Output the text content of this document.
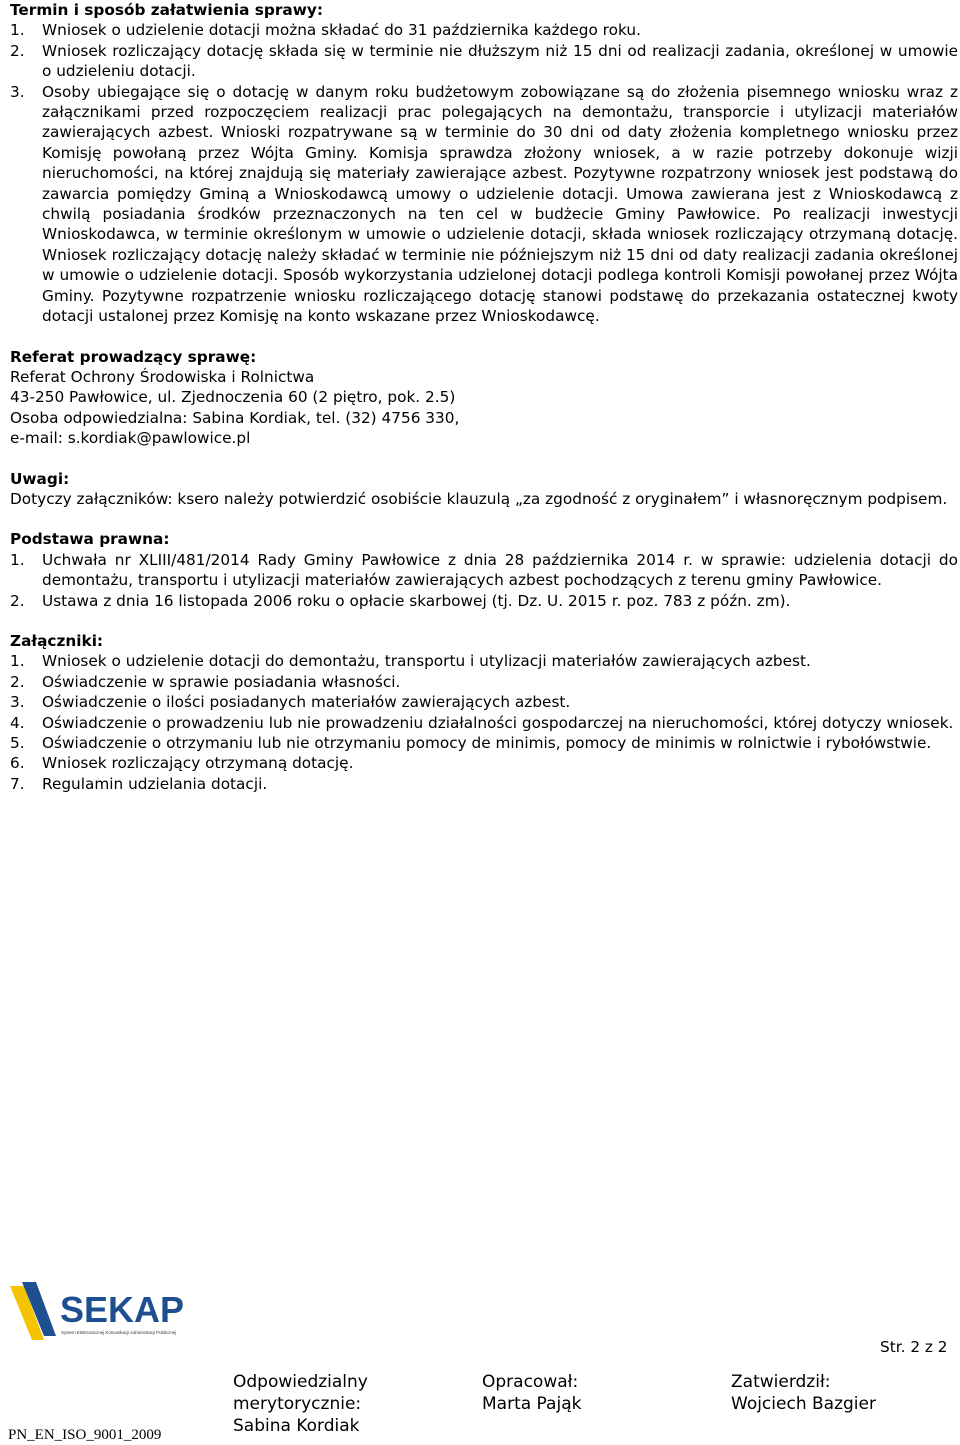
Termin i sposób załatwienia sprawy:

1.	Wniosek o udzielenie dotacji można składać do 31 października każdego roku.
2.	Wniosek rozliczający dotację składa się w terminie nie dłuższym niż 15 dni od realizacji zadania, określonej w umowie o udzieleniu dotacji.
3.	Osoby ubiegające się o dotację w danym roku budżetowym zobowiązane są do złożenia pisemnego wniosku wraz z załącznikami przed rozpoczęciem realizacji prac polegających na demontażu, transporcie i utylizacji materiałów zawierających azbest. Wnioski rozpatrywane są w terminie do 30 dni od daty złożenia kompletnego wniosku przez Komisję powołaną przez Wójta Gminy. Komisja sprawdza złożony wniosek, a w razie potrzeby dokonuje wizji nieruchomości, na której znajdują się materiały zawierające azbest. Pozytywne rozpatrzony wniosek jest podstawą do zawarcia pomiędzy Gminą a Wnioskodawcą umowy o udzielenie dotacji. Umowa zawierana jest z Wnioskodawcą z chwilą posiadania środków przeznaczonych na ten cel w budżecie Gminy Pawłowice. Po realizacji inwestycji Wnioskodawca, w terminie określonym w umowie o udzielenie dotacji, składa wniosek rozliczający otrzymaną dotację. Wniosek rozliczający dotację należy składać w terminie nie późniejszym niż 15 dni od daty realizacji zadania określonej w umowie o udzielenie dotacji. Sposób wykorzystania udzielonej dotacji podlega kontroli Komisji powołanej przez Wójta Gminy. Pozytywne rozpatrzenie wniosku rozliczającego dotację stanowi podstawę do przekazania ostatecznej kwoty dotacji ustalonej przez Komisję na konto wskazane przez Wnioskodawcę.

Referat prowadzący sprawę:

Referat Ochrony Środowiska i Rolnictwa

43-250 Pawłowice, ul. Zjednoczenia 60 (2 piętro, pok. 2.5)

Osoba odpowiedzialna: Sabina Kordiak, tel. (32) 4756 330,

e-mail: s.kordiak@pawlowice.pl

Uwagi:

Dotyczy załączników: ksero należy potwierdzić osobiście klauzulą „za zgodność z oryginałem” i własnoręcznym podpisem.

Podstawa prawna:

1.	Uchwała nr XLIII/481/2014 Rady Gminy Pawłowice z dnia 28 października 2014 r. w sprawie: udzielenia dotacji do demontażu, transportu i utylizacji materiałów zawierających azbest pochodzących z terenu gminy Pawłowice.
2.	Ustawa z dnia 16 listopada 2006 roku o opłacie skarbowej (tj. Dz. U. 2015 r. poz. 783 z późn. zm).

Załączniki:

1.	Wniosek o udzielenie dotacji do demontażu, transportu i utylizacji materiałów zawierających azbest.
2.	Oświadczenie w sprawie posiadania własności.
3.	Oświadczenie o ilości posiadanych materiałów zawierających azbest.
4.	Oświadczenie o prowadzeniu lub nie prowadzeniu działalności gospodarczej na nieruchomości, której dotyczy wniosek.
5.	Oświadczenie o otrzymaniu lub nie otrzymaniu pomocy de minimis, pomocy de minimis w rolnictwie i rybołówstwie.
6.	Wniosek rozliczający otrzymaną dotację.
7.	Regulamin udzielania dotacji.
SEKAP
System Elektronicznej Komunikacji Administracji Publicznej
Str. 2 z 2
Odpowiedzialny
merytorycznie:
Sabina Kordiak
Opracował:
Marta Pająk
Zatwierdził:
Wojciech Bazgier
PN_EN_ISO_9001_2009
